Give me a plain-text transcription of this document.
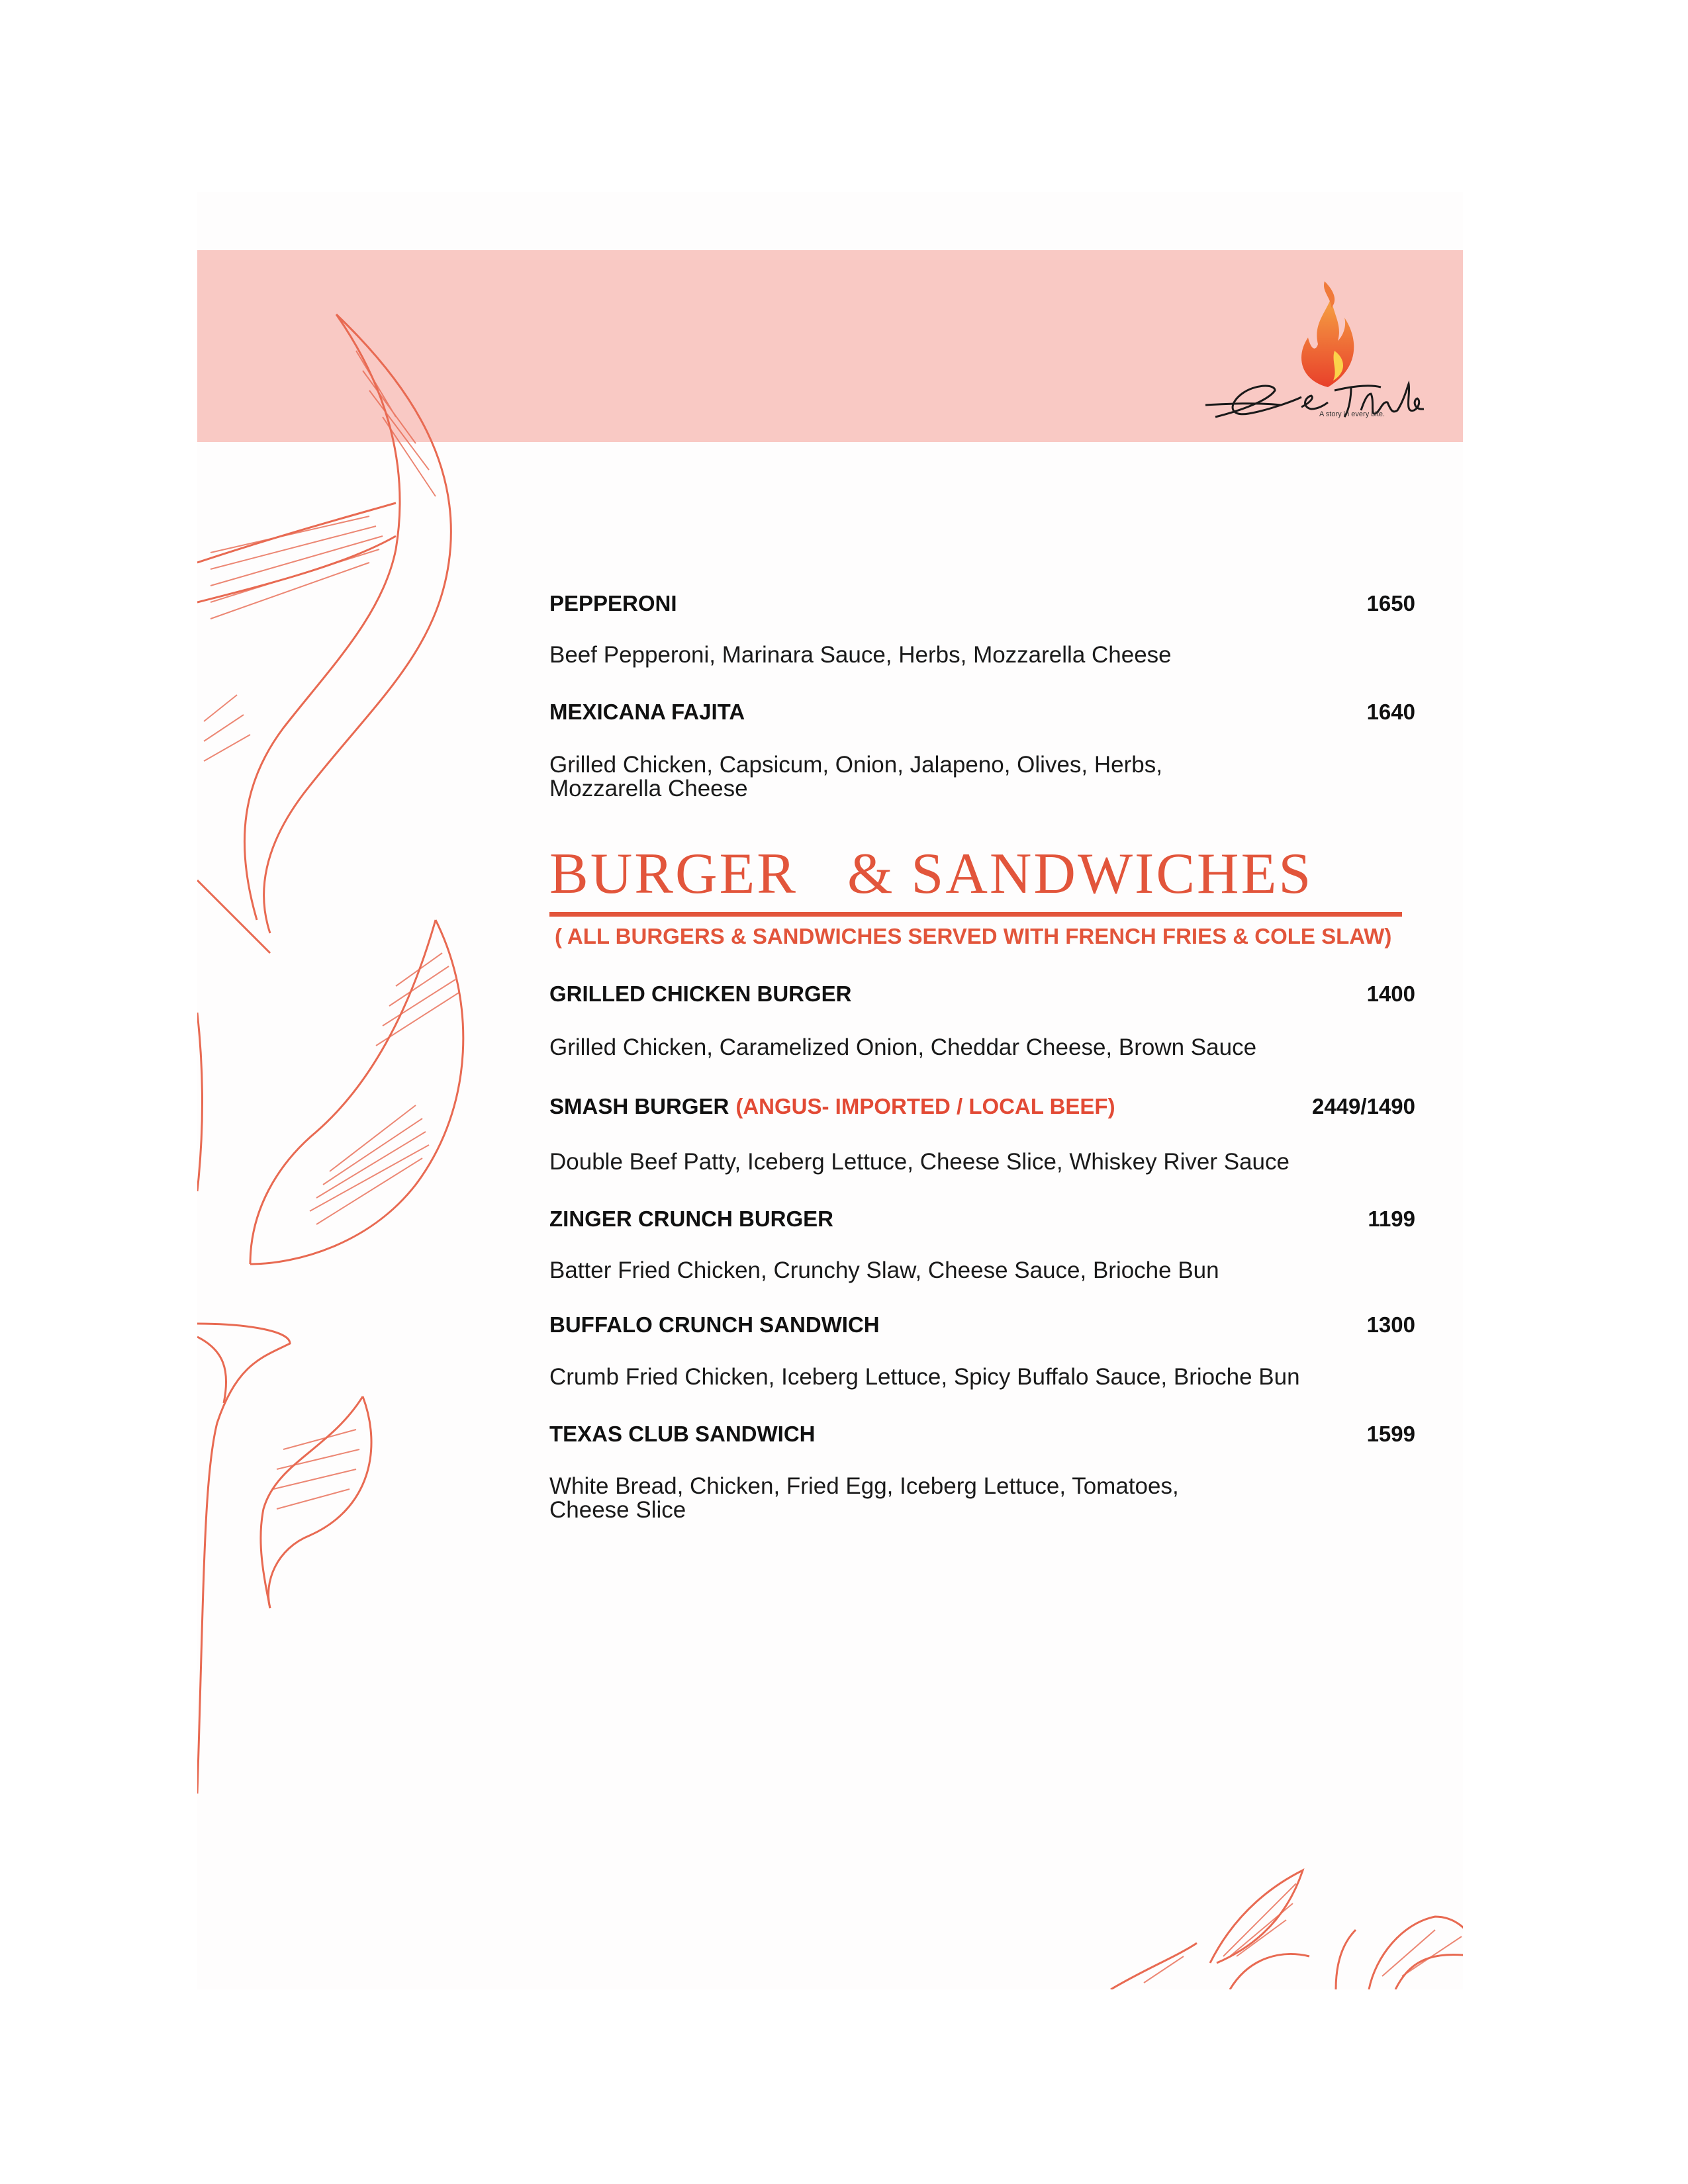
A story in every bite.
PEPPERONI	1650
Beef Pepperoni, Marinara Sauce, Herbs, Mozzarella Cheese
MEXICANA FAJITA	1640
Grilled Chicken, Capsicum, Onion, Jalapeno, Olives, Herbs,
Mozzarella Cheese
BURGER   & SANDWICHES
( ALL BURGERS & SANDWICHES SERVED WITH FRENCH FRIES & COLE SLAW)
GRILLED CHICKEN BURGER	1400
Grilled Chicken, Caramelized Onion, Cheddar Cheese, Brown Sauce
SMASH BURGER (ANGUS- IMPORTED / LOCAL BEEF)	2449/1490
Double Beef Patty, Iceberg Lettuce, Cheese Slice, Whiskey River Sauce
ZINGER CRUNCH BURGER	1199
Batter Fried Chicken, Crunchy Slaw, Cheese Sauce, Brioche Bun
BUFFALO CRUNCH SANDWICH	1300
Crumb Fried Chicken, Iceberg Lettuce, Spicy Buffalo Sauce, Brioche Bun
TEXAS CLUB SANDWICH	1599
White Bread, Chicken, Fried Egg, Iceberg Lettuce, Tomatoes,
Cheese Slice
